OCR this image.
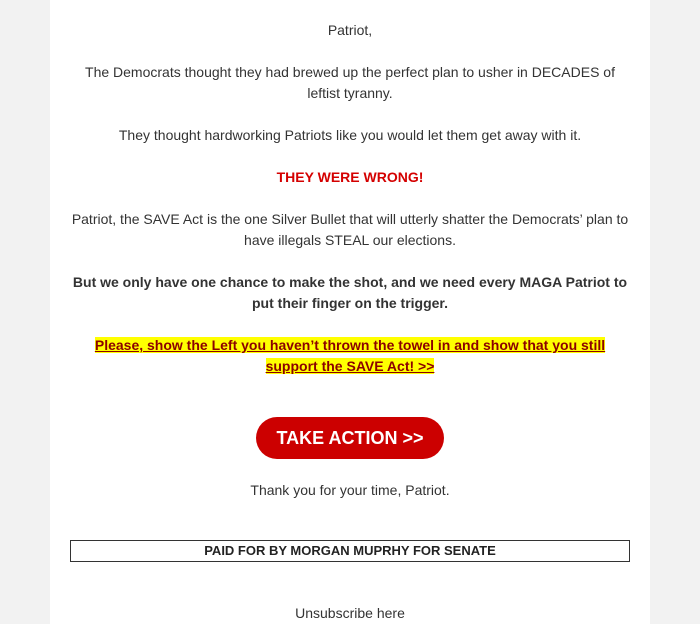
Patriot,

The Democrats thought they had brewed up the perfect plan to usher in DECADES of leftist tyranny.

They thought hardworking Patriots like you would let them get away with it.

THEY WERE WRONG!

Patriot, the SAVE Act is the one Silver Bullet that will utterly shatter the Democrats’ plan to have illegals STEAL our elections.

But we only have one chance to make the shot, and we need every MAGA Patriot to put their finger on the trigger.

Please, show the Left you haven’t thrown the towel in and show that you still
support the SAVE Act! >>
TAKE ACTION >>

Thank you for your time, Patriot.

PAID FOR BY MORGAN MUPRHY FOR SENATE
Unsubscribe here
